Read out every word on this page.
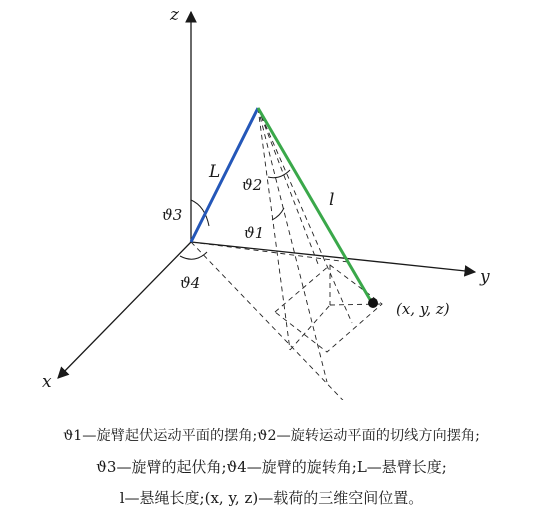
z
y
x
L
l
ϑ2
ϑ1
ϑ3
ϑ4
(x, y, z)

ϑ1—旋臂起伏运动平面的摆角;ϑ2—旋转运动平面的切线方向摆角;

ϑ3—旋臂的起伏角;ϑ4—旋臂的旋转角;L—悬臂长度;

l—悬绳长度;(x, y, z)—载荷的三维空间位置。
